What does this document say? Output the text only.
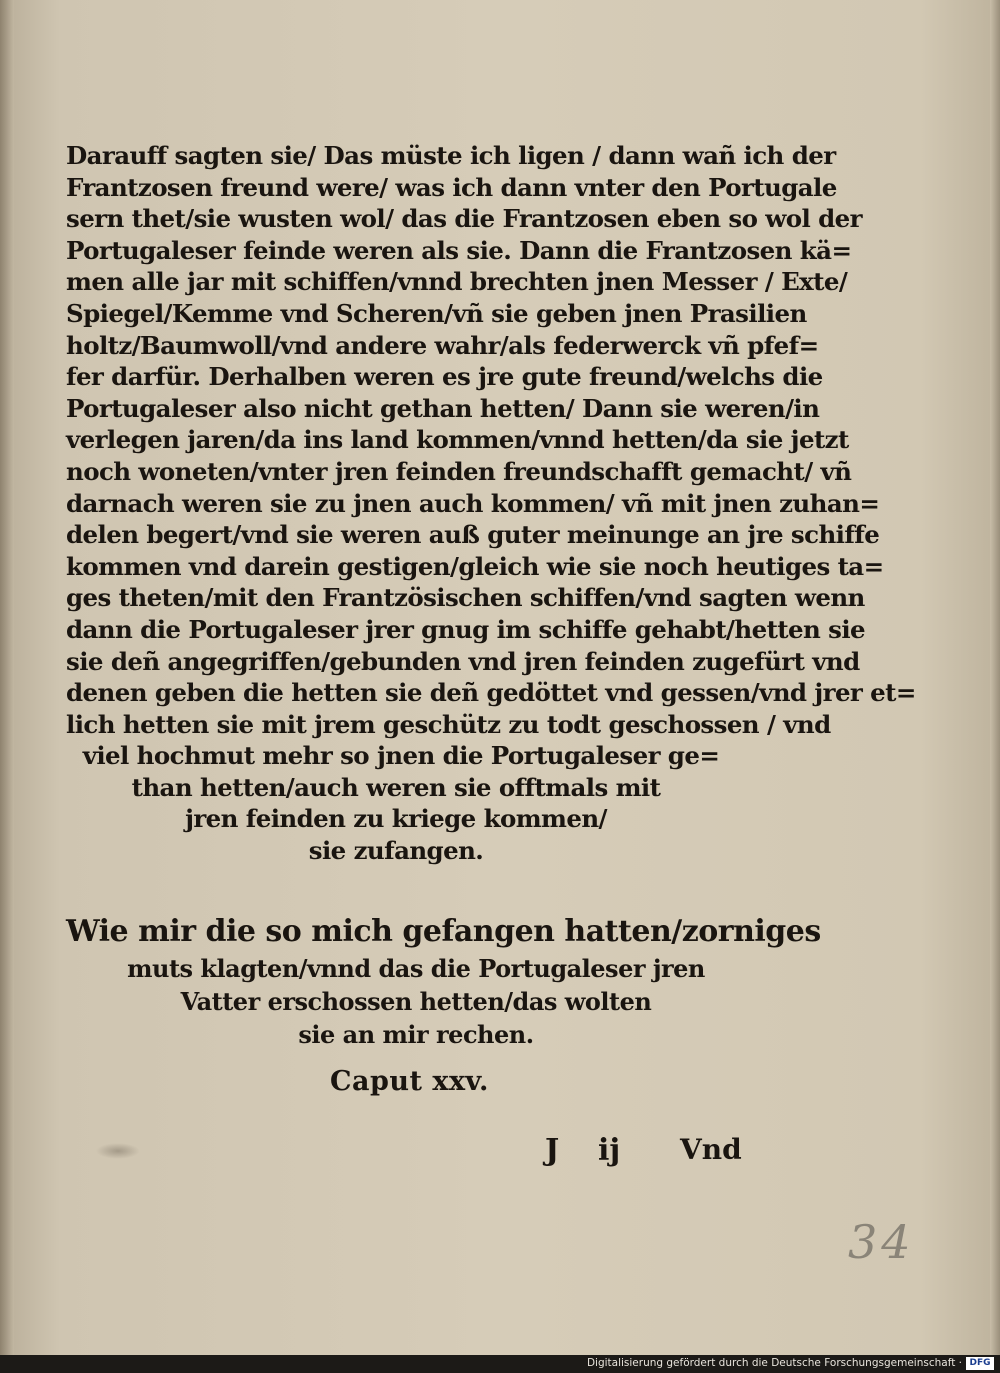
Darauff sagten sie/ Das müste ich ligen / dann wañ ich der
Frantzosen freund were/ was ich dann vnter den Portugale
sern thet/sie wusten wol/ das die Frantzosen eben so wol der
Portugaleser feinde weren als sie. Dann die Frantzosen kä=
men alle jar mit schiffen/vnnd brechten jnen Messer / Exte/
Spiegel/Kemme vnd Scheren/vñ sie geben jnen Prasilien
holtz/Baumwoll/vnd andere wahr/als federwerck vñ pfef=
fer darfür. Derhalben weren es jre gute freund/welchs die
Portugaleser also nicht gethan hetten/ Dann sie weren/in
verlegen jaren/da ins land kommen/vnnd hetten/da sie jetzt
noch woneten/vnter jren feinden freundschafft gemacht/ vñ
darnach weren sie zu jnen auch kommen/ vñ mit jnen zuhan=
delen begert/vnd sie weren auß guter meinunge an jre schiffe
kommen vnd darein gestigen/gleich wie sie noch heutiges ta=
ges theten/mit den Frantzösischen schiffen/vnd sagten wenn
dann die Portugaleser jrer gnug im schiffe gehabt/hetten sie
sie deñ angegriffen/gebunden vnd jren feinden zugefürt vnd
denen geben die hetten sie deñ gedöttet vnd gessen/vnd jrer et=
lich hetten sie mit jrem geschütz zu todt geschossen / vnd
viel hochmut mehr so jnen die Portugaleser ge=
than hetten/auch weren sie offtmals mit
jren feinden zu kriege kommen/
sie zufangen.
Wie mir die so mich gefangen hatten/zorniges
muts klagten/vnnd das die Portugaleser jren
Vatter erschossen hetten/das wolten
sie an mir rechen.
Caput xxv.
J ij Vnd
34
Digitalisierung gefördert durch die Deutsche Forschungsgemeinschaft · DFG
